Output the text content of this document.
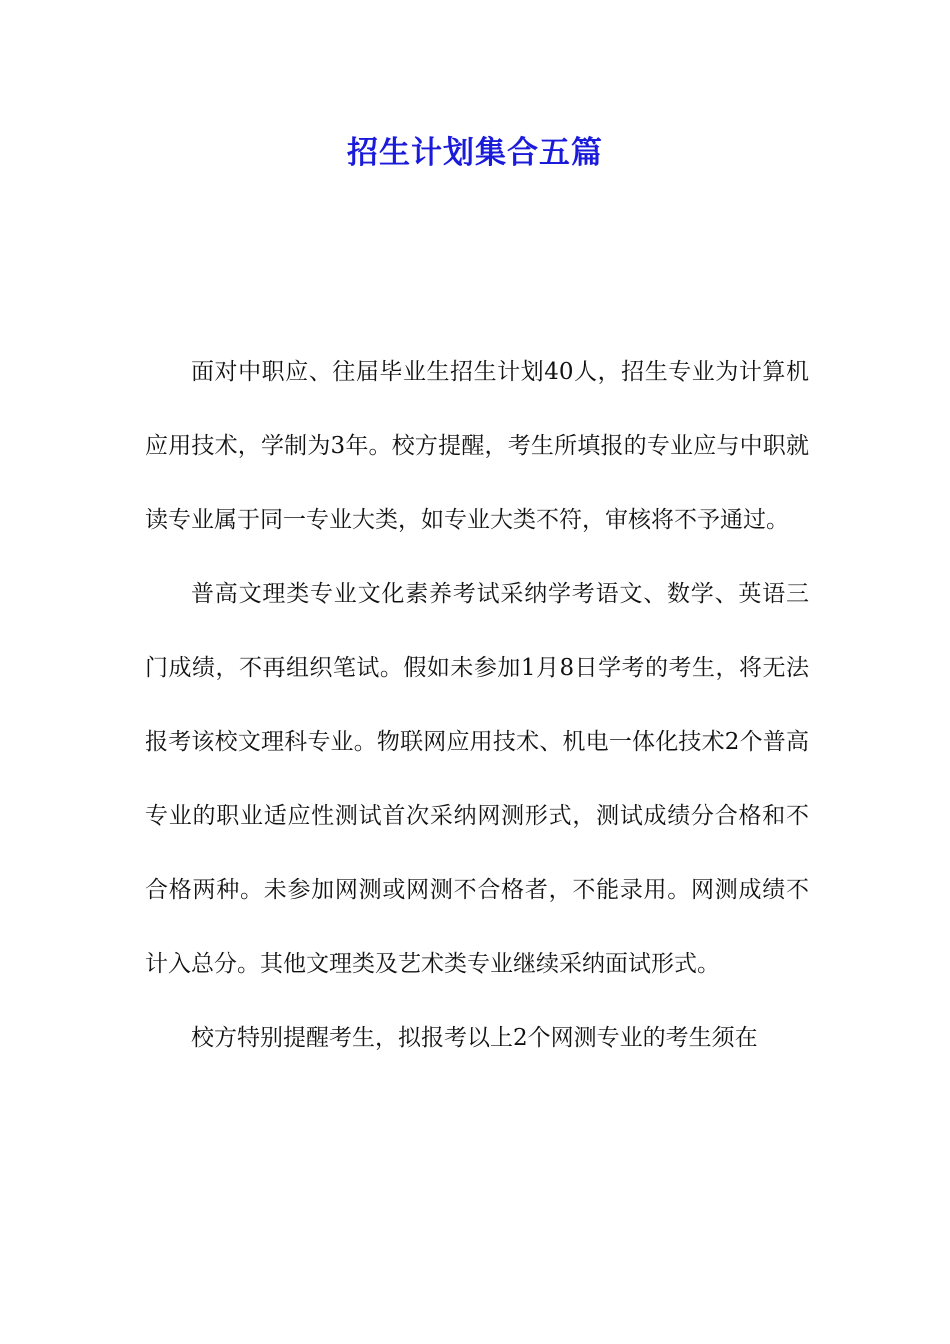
招生计划集合五篇

面对中职应、往届毕业生招生计划40人，招生专业为计算机应用技术，学制为3年。校方提醒，考生所填报的专业应与中职就读专业属于同一专业大类，如专业大类不符，审核将不予通过。

普高文理类专业文化素养考试采纳学考语文、数学、英语三门成绩，不再组织笔试。假如未参加1月8日学考的考生，将无法报考该校文理科专业。物联网应用技术、机电一体化技术2个普高专业的职业适应性测试首次采纳网测形式，测试成绩分合格和不合格两种。未参加网测或网测不合格者，不能录用。网测成绩不计入总分。其他文理类及艺术类专业继续采纳面试形式。

校方特别提醒考生，拟报考以上2个网测专业的考生须在
